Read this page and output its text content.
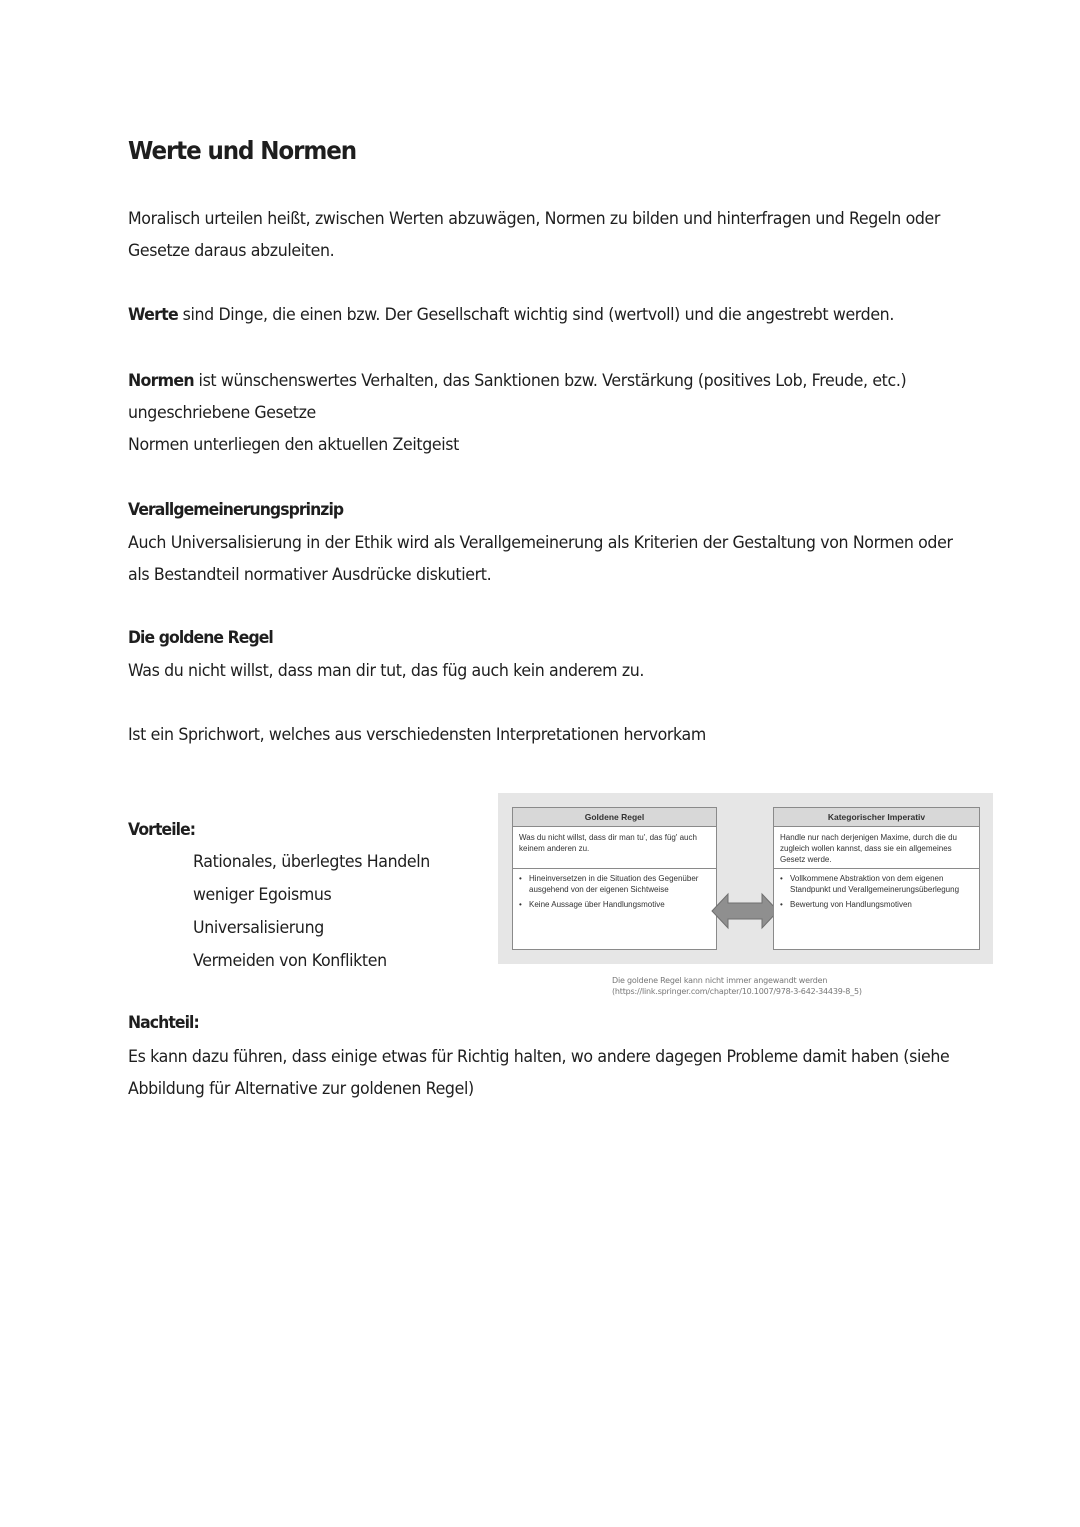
Werte und Normen
Moralisch urteilen heißt, zwischen Werten abzuwägen, Normen zu bilden und hinterfragen und Regeln oder
Gesetze daraus abzuleiten.
Werte sind Dinge, die einen bzw. Der Gesellschaft wichtig sind (wertvoll) und die angestrebt werden.
Normen ist wünschenswertes Verhalten, das Sanktionen bzw. Verstärkung (positives Lob, Freude, etc.)
ungeschriebene Gesetze
Normen unterliegen den aktuellen Zeitgeist
Verallgemeinerungsprinzip
Auch Universalisierung in der Ethik wird als Verallgemeinerung als Kriterien der Gestaltung von Normen oder
als Bestandteil normativer Ausdrücke diskutiert.
Die goldene Regel
Was du nicht willst, dass man dir tut, das füg auch kein anderem zu.
Ist ein Sprichwort, welches aus verschiedensten Interpretationen hervorkam
Vorteile:
Rationales, überlegtes Handeln
weniger Egoismus
Universalisierung
Vermeiden von Konflikten
Goldene Regel
Was du nicht willst, dass dir man tu', das füg' auch keinem anderen zu.
• Hineinversetzen in die Situation des Gegenüber ausgehend von der eigenen Sichtweise
• Keine Aussage über Handlungsmotive
Kategorischer Imperativ
Handle nur nach derjenigen Maxime, durch die du zugleich wollen kannst, dass sie ein allgemeines Gesetz werde.
• Vollkommene Abstraktion von dem eigenen Standpunkt und Verallgemeinerungsüberlegung
• Bewertung von Handlungsmotiven
Die goldene Regel kann nicht immer angewandt werden
(https://link.springer.com/chapter/10.1007/978-3-642-34439-8_5)
Nachteil:
Es kann dazu führen, dass einige etwas für Richtig halten, wo andere dagegen Probleme damit haben (siehe
Abbildung für Alternative zur goldenen Regel)
